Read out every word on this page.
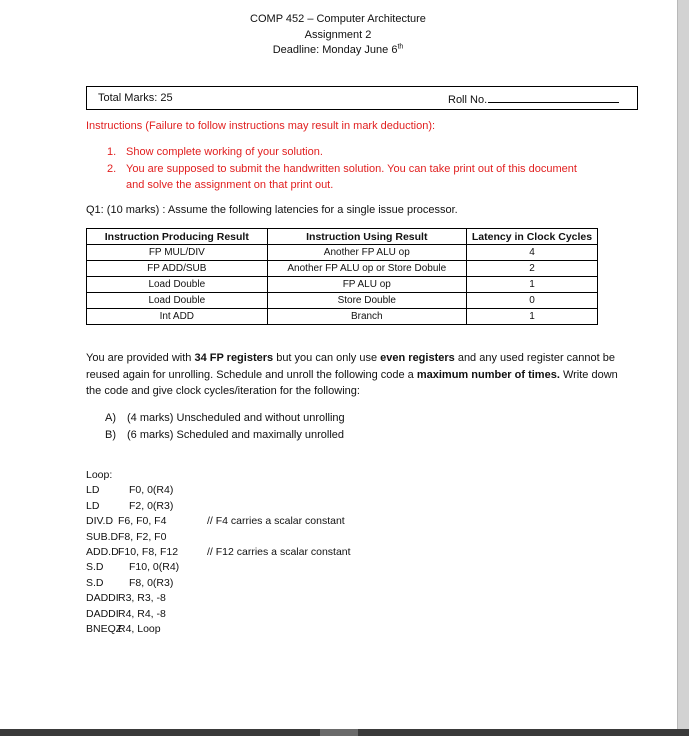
COMP 452 – Computer Architecture
Assignment 2
Deadline: Monday June 6th
Total Marks: 25	Roll No.
Instructions (Failure to follow instructions may result in mark deduction):
1. Show complete working of your solution.
2. You are supposed to submit the handwritten solution. You can take print out of this document and solve the assignment on that print out.
Q1: (10 marks) : Assume the following latencies for a single issue processor.
Instruction Producing Result	Instruction Using Result	Latency in Clock Cycles
FP MUL/DIV	Another FP ALU op	4
FP ADD/SUB	Another FP ALU op or Store Dobule	2
Load Double	FP ALU op	1
Load Double	Store Double	0
Int ADD	Branch	1
You are provided with 34 FP registers but you can only use even registers and any used register cannot be reused again for unrolling. Schedule and unroll the following code a maximum number of times. Write down the code and give clock cycles/iteration for the following:
A) (4 marks) Unscheduled and without unrolling
B) (6 marks) Scheduled and maximally unrolled
Loop:
LD	F0, 0(R4)
LD	F2, 0(R3)
DIV.D F6, F0, F4	// F4 carries a scalar constant
SUB.D F8, F2, F0
ADD.D F10, F8, F12	// F12 carries a scalar constant
S.D F10, 0(R4)
S.D F8, 0(R3)
DADDI R3, R3, -8
DADDI R4, R4, -8
BNEQZ
R4, Loop
